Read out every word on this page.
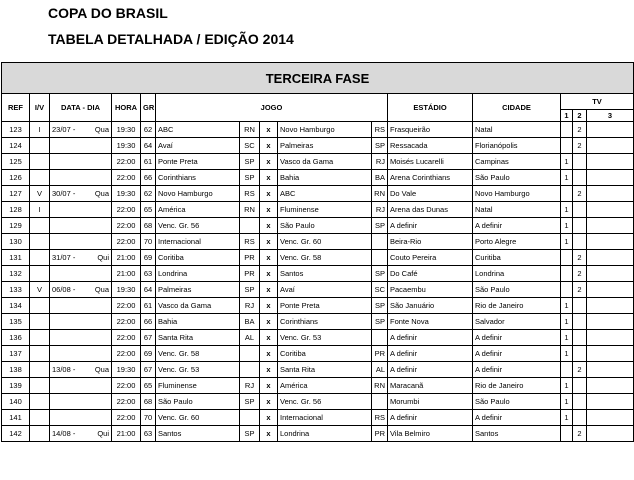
COPA DO BRASIL
TABELA DETALHADA / EDIÇÃO 2014
TERCEIRA FASE														
REF	I/V	DATA - DIA	HORA	GR	JOGO					ESTÁDIO	CIDADE	TV		
												1	2	3
123	I	23/07 - Qua	19:30	62	ABC	RN	x	Novo Hamburgo	RS	Frasqueirão	Natal		2	
124			19:30	64	Avaí	SC	x	Palmeiras	SP	Ressacada	Florianópolis		2	
125			22:00	61	Ponte Preta	SP	x	Vasco da Gama	RJ	Moisés Lucarelli	Campinas	1		
126			22:00	66	Corinthians	SP	x	Bahia	BA	Arena Corinthians	São Paulo	1		
127	V	30/07 - Qua	19:30	62	Novo Hamburgo	RS	x	ABC	RN	Do Vale	Novo Hamburgo		2	
128	I		22:00	65	América	RN	x	Fluminense	RJ	Arena das Dunas	Natal	1		
129			22:00	68	Venc. Gr. 56		x	São Paulo	SP	A definir	A definir	1		
130			22:00	70	Internacional	RS	x	Venc. Gr. 60		Beira-Rio	Porto Alegre	1		
131		31/07 - Qui	21:00	69	Coritiba	PR	x	Venc. Gr. 58		Couto Pereira	Curitiba		2	
132			21:00	63	Londrina	PR	x	Santos	SP	Do Café	Londrina		2	
133	V	06/08 - Qua	19:30	64	Palmeiras	SP	x	Avaí	SC	Pacaembu	São Paulo		2	
134			22:00	61	Vasco da Gama	RJ	x	Ponte Preta	SP	São Januário	Rio de Janeiro	1		
135			22:00	66	Bahia	BA	x	Corinthians	SP	Fonte Nova	Salvador	1		
136			22:00	67	Santa Rita	AL	x	Venc. Gr. 53		A definir	A definir	1		
137			22:00	69	Venc. Gr. 58		x	Coritiba	PR	A definir	A definir	1		
138		13/08 - Qua	19:30	67	Venc. Gr. 53		x	Santa Rita	AL	A definir	A definir		2	
139			22:00	65	Fluminense	RJ	x	América	RN	Maracanã	Rio de Janeiro	1		
140			22:00	68	São Paulo	SP	x	Venc. Gr. 56		Morumbi	São Paulo	1		
141			22:00	70	Venc. Gr. 60		x	Internacional	RS	A definir	A definir	1		
142		14/08 - Qui	21:00	63	Santos	SP	x	Londrina	PR	Vila Belmiro	Santos		2	
